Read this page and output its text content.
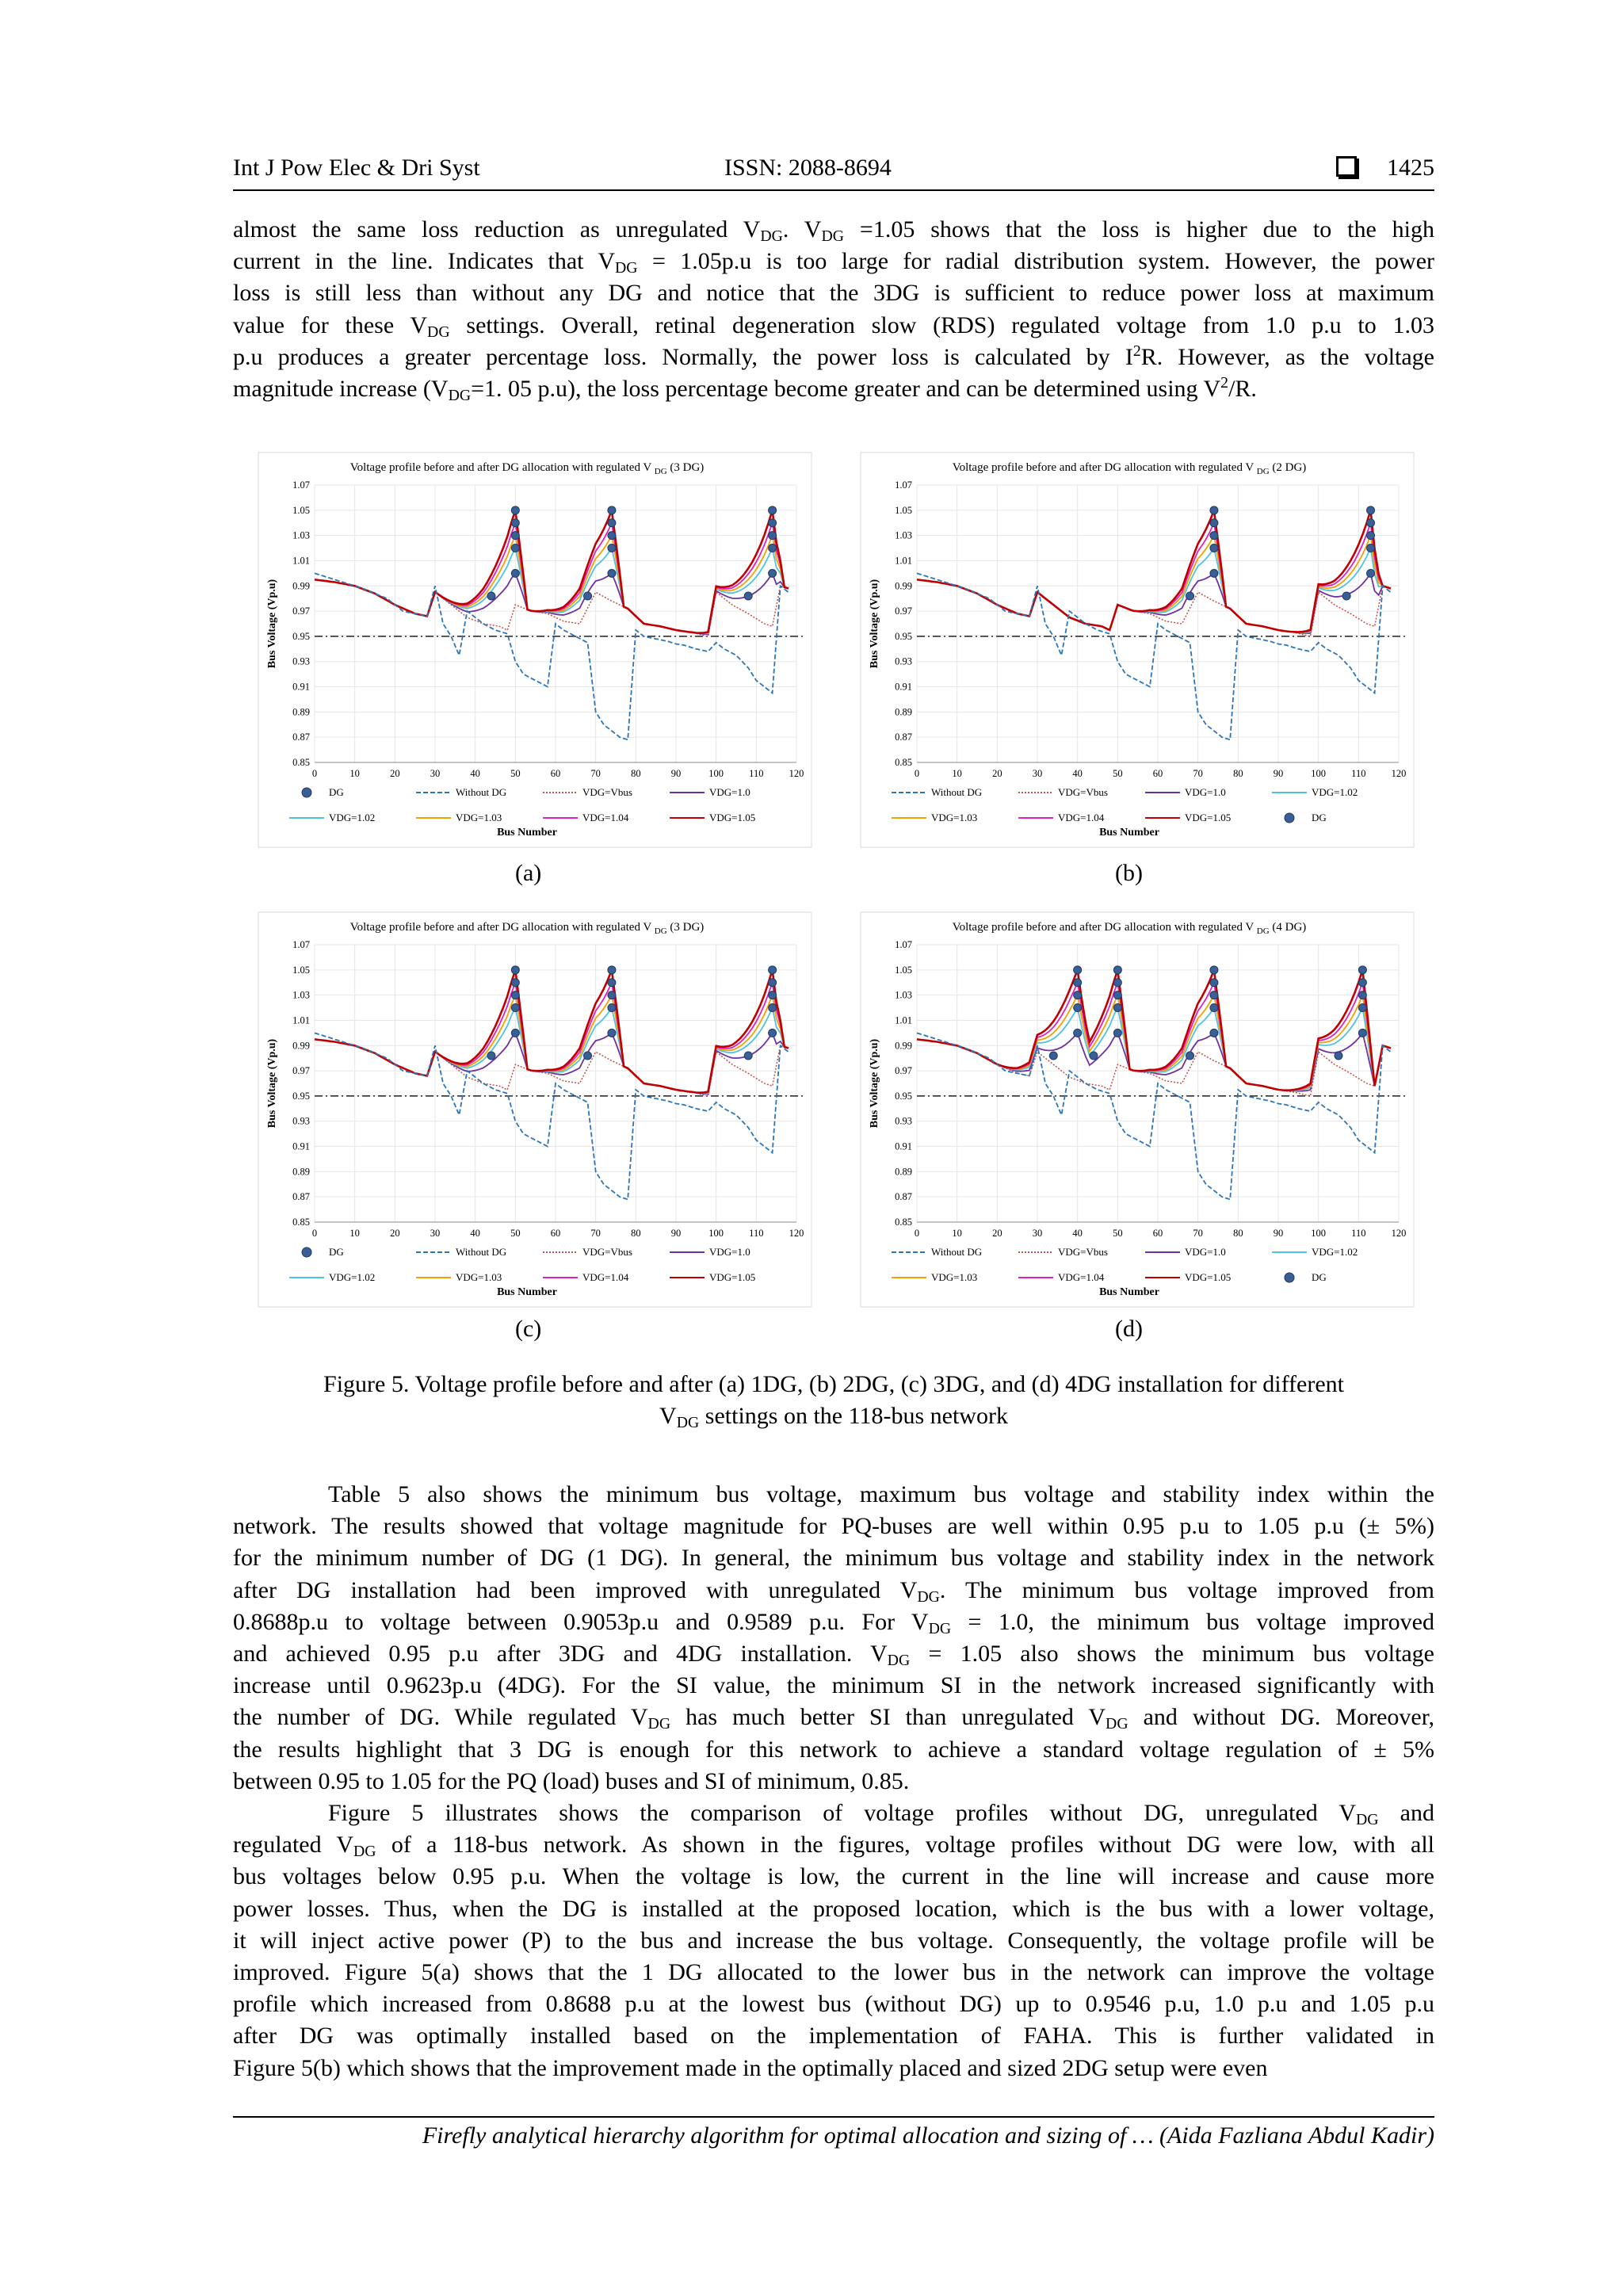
Int J Pow Elec & Dri Syst	ISSN: 2088-8694	1425
almost the same loss reduction as unregulated $V_{DG}$. $V_{DG} =1.05$ shows that the loss is higher due to the high
current in the line. Indicates that $V_{DG} = 1.05p.u$ is too large for radial distribution system. However, the power
loss is still less than without any DG and notice that the 3DG is sufficient to reduce power loss at maximum
value for these $V_{DG}$ settings. Overall, retinal degeneration slow (RDS) regulated voltage from 1.0 p.u to 1.03
p.u produces a greater percentage loss. Normally, the power loss is calculated by $I^2R$. However, as the voltage
magnitude increase ($V_{DG}=1$. 05 p.u), the loss percentage become greater and can be determined using $V^2/R$.
Voltage profile before and after DG allocation with regulated V $_{DG}$ (3 DG)
0.85
0.87
0.89
0.91
0.93
0.95
0.97
0.99
1.01
1.03
1.05
1.07
0	10	20	30	40	50	60	70	80	90	100	110	120
Bus Voltage (Vp.u)
DG	Without DG	VDG=Vbus	VDG=1.0
VDG=1.02	VDG=1.03	VDG=1.04	VDG=1.05
Bus Number
(a)
Voltage profile before and after DG allocation with regulated V $_{DG}$ (2 DG)
0.85
0.87
0.89
0.91
0.93
0.95
0.97
0.99
1.01
1.03
1.05
1.07
0	10	20	30	40	50	60	70	80	90	100	110	120
Bus Voltage (Vp.u)
Without DG	VDG=Vbus	VDG=1.0	VDG=1.02
VDG=1.03	VDG=1.04	VDG=1.05	DG
Bus Number
(b)
Voltage profile before and after DG allocation with regulated V $_{DG}$ (3 DG)
0.85
0.87
0.89
0.91
0.93
0.95
0.97
0.99
1.01
1.03
1.05
1.07
0	10	20	30	40	50	60	70	80	90	100	110	120
Bus Voltage (Vp.u)
DG	Without DG	VDG=Vbus	VDG=1.0
VDG=1.02	VDG=1.03	VDG=1.04	VDG=1.05
Bus Number
(c)
Voltage profile before and after DG allocation with regulated V $_{DG}$ (4 DG)
0.85
0.87
0.89
0.91
0.93
0.95
0.97
0.99
1.01
1.03
1.05
1.07
0	10	20	30	40	50	60	70	80	90	100	110	120
Bus Voltage (Vp.u)
Without DG	VDG=Vbus	VDG=1.0	VDG=1.02
VDG=1.03	VDG=1.04	VDG=1.05	DG
Bus Number
(d)
Figure 5. Voltage profile before and after (a) 1DG, (b) 2DG, (c) 3DG, and (d) 4DG installation for different
$V_{DG}$ settings on the 118-bus network
Table 5 also shows the minimum bus voltage, maximum bus voltage and stability index within the
network. The results showed that voltage magnitude for PQ-buses are well within 0.95 p.u to 1.05 p.u (± 5%)
for the minimum number of DG (1 DG). In general, the minimum bus voltage and stability index in the network
after DG installation had been improved with unregulated $V_{DG}$. The minimum bus voltage improved from
0.8688p.u to voltage between 0.9053p.u and 0.9589 p.u. For $V_{DG} = 1.0$, the minimum bus voltage improved
and achieved 0.95 p.u after 3DG and 4DG installation. $V_{DG} = 1.05$ also shows the minimum bus voltage
increase until 0.9623p.u (4DG). For the SI value, the minimum SI in the network increased significantly with
the number of DG. While regulated $V_{DG}$ has much better SI than unregulated $V_{DG}$ and without DG. Moreover,
the results highlight that 3 DG is enough for this network to achieve a standard voltage regulation of ± 5%
between 0.95 to 1.05 for the PQ (load) buses and SI of minimum, 0.85.
Figure 5 illustrates shows the comparison of voltage profiles without DG, unregulated $V_{DG}$ and
regulated $V_{DG}$ of a 118-bus network. As shown in the figures, voltage profiles without DG were low, with all
bus voltages below 0.95 p.u. When the voltage is low, the current in the line will increase and cause more
power losses. Thus, when the DG is installed at the proposed location, which is the bus with a lower voltage,
it will inject active power (P) to the bus and increase the bus voltage. Consequently, the voltage profile will be
improved. Figure 5(a) shows that the 1 DG allocated to the lower bus in the network can improve the voltage
profile which increased from 0.8688 p.u at the lowest bus (without DG) up to 0.9546 p.u, 1.0 p.u and 1.05 p.u
after DG was optimally installed based on the implementation of FAHA. This is further validated in
Figure 5(b) which shows that the improvement made in the optimally placed and sized 2DG setup were even
Firefly analytical hierarchy algorithm for optimal allocation and sizing of … (Aida Fazliana Abdul Kadir)
